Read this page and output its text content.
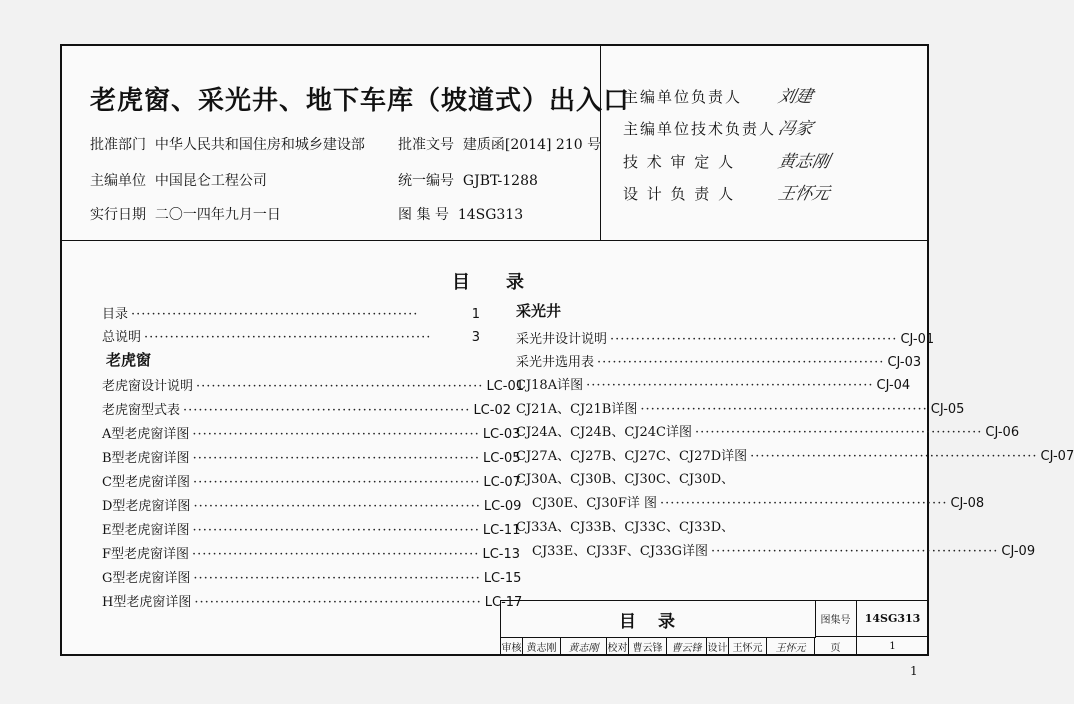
老虎窗、采光井、地下车库（坡道式）出入口
批准部门 中华人民共和国住房和城乡建设部 批准文号 建质函[2014] 210 号
主编单位 中国昆仑工程公司	统一编号 GJBT-1288
实行日期 二〇一四年九月一日	图 集 号 14SG313
主编单位负责人 刘建
主编单位技术负责人 冯家
技 术 审 定 人 黄志刚
设 计 负 责 人 王怀元
目　　录
目录 ························································	1
总说明 ························································	3
老虎窗
老虎窗设计说明 ························································ LC-01
老虎窗型式表 ························································ LC-02
A型老虎窗详图 ························································ LC-03
B型老虎窗详图 ························································ LC-05
C型老虎窗详图 ························································ LC-07
D型老虎窗详图 ························································ LC-09
E型老虎窗详图 ························································ LC-11
F型老虎窗详图 ························································ LC-13
G型老虎窗详图 ························································ LC-15
H型老虎窗详图 ························································ LC-17
采光井
采光井设计说明 ························································ CJ-01
采光井选用表 ························································ CJ-03
CJ18A详图 ························································ CJ-04
CJ21A、CJ21B详图 ························································ CJ-05
CJ24A、CJ24B、CJ24C详图 ························································ CJ-06
CJ27A、CJ27B、CJ27C、CJ27D详图 ························································ CJ-07
CJ30A、CJ30B、CJ30C、CJ30D、
CJ30E、CJ30F详 图 ························································ CJ-08
CJ33A、CJ33B、CJ33C、CJ33D、
CJ33E、CJ33F、CJ33G详图 ························································ CJ-09
目录	图集号	14SG313
审核 黄志刚	黄志刚 校对 曹云锋 曹云锋 设计 王怀元	王怀元	页	1
1
